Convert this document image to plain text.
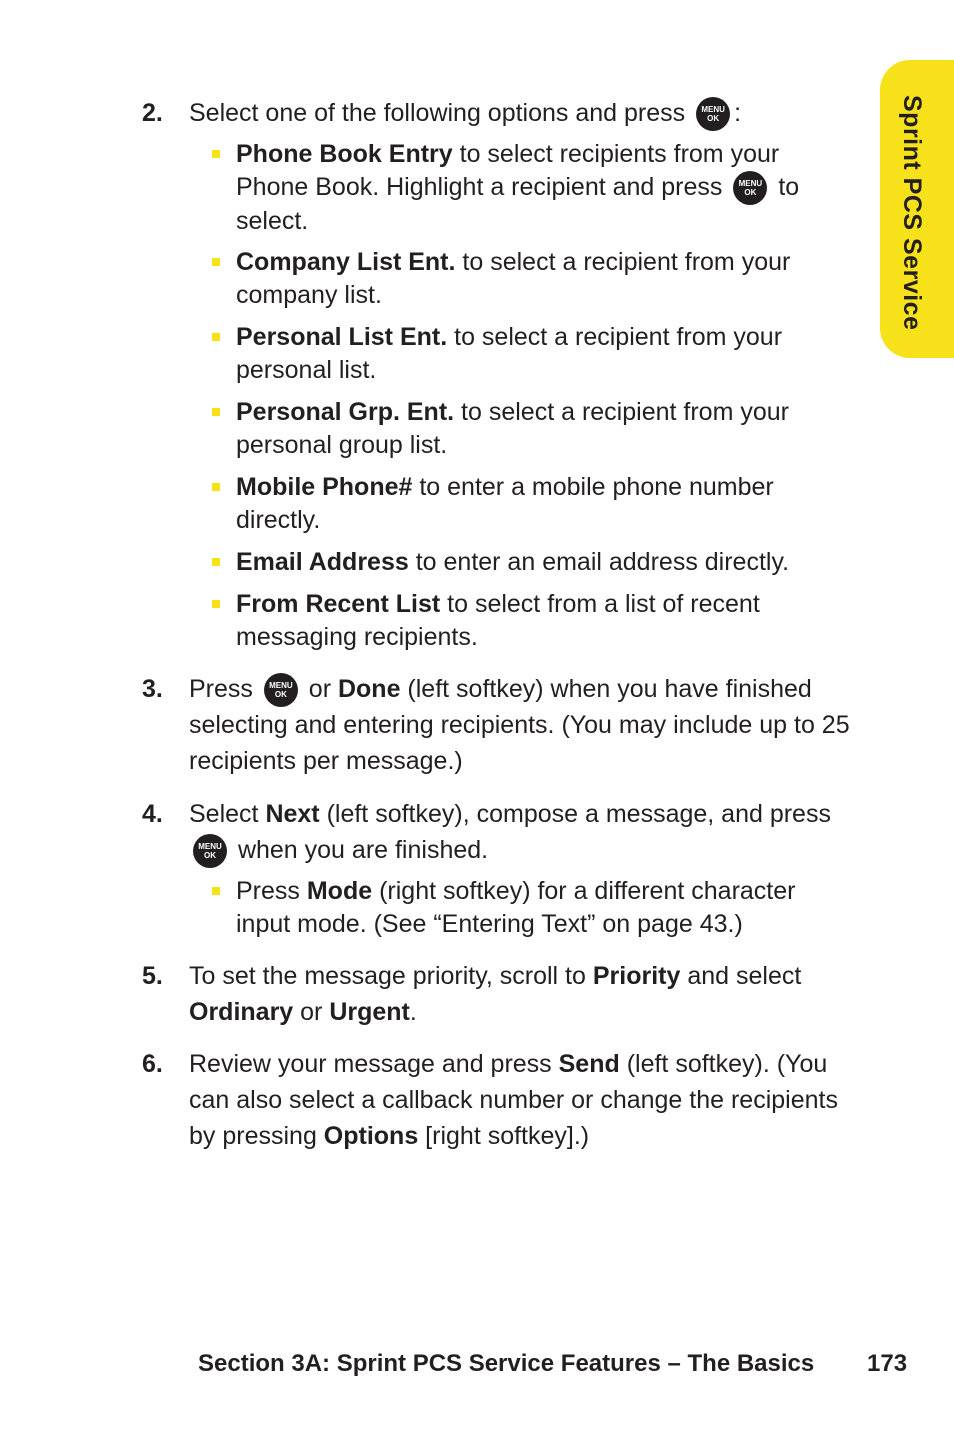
Sprint PCS Service
2. Select one of the following options and press MENU
OK :
Phone Book Entry to select recipients from your Phone Book. Highlight a recipient and press MENU
OK to select.
Company List Ent. to select a recipient from your company list.
Personal List Ent. to select a recipient from your personal list.
Personal Grp. Ent. to select a recipient from your personal group list.
Mobile Phone# to enter a mobile phone number directly.
Email Address to enter an email address directly.
From Recent List to select from a list of recent messaging recipients.
3. Press MENU
OK or Done (left softkey) when you have finished selecting and entering recipients. (You may include up to 25 recipients per message.)
4. Select Next (left softkey), compose a message, and press MENU
OK when you are finished.
Press Mode (right softkey) for a different character input mode. (See “Entering Text” on page 43.)
5. To set the message priority, scroll to Priority and select Ordinary or Urgent.
6. Review your message and press Send (left softkey). (You can also select a callback number or change the recipients by pressing Options [right softkey].)
Section 3A: Sprint PCS Service Features – The Basics 173
